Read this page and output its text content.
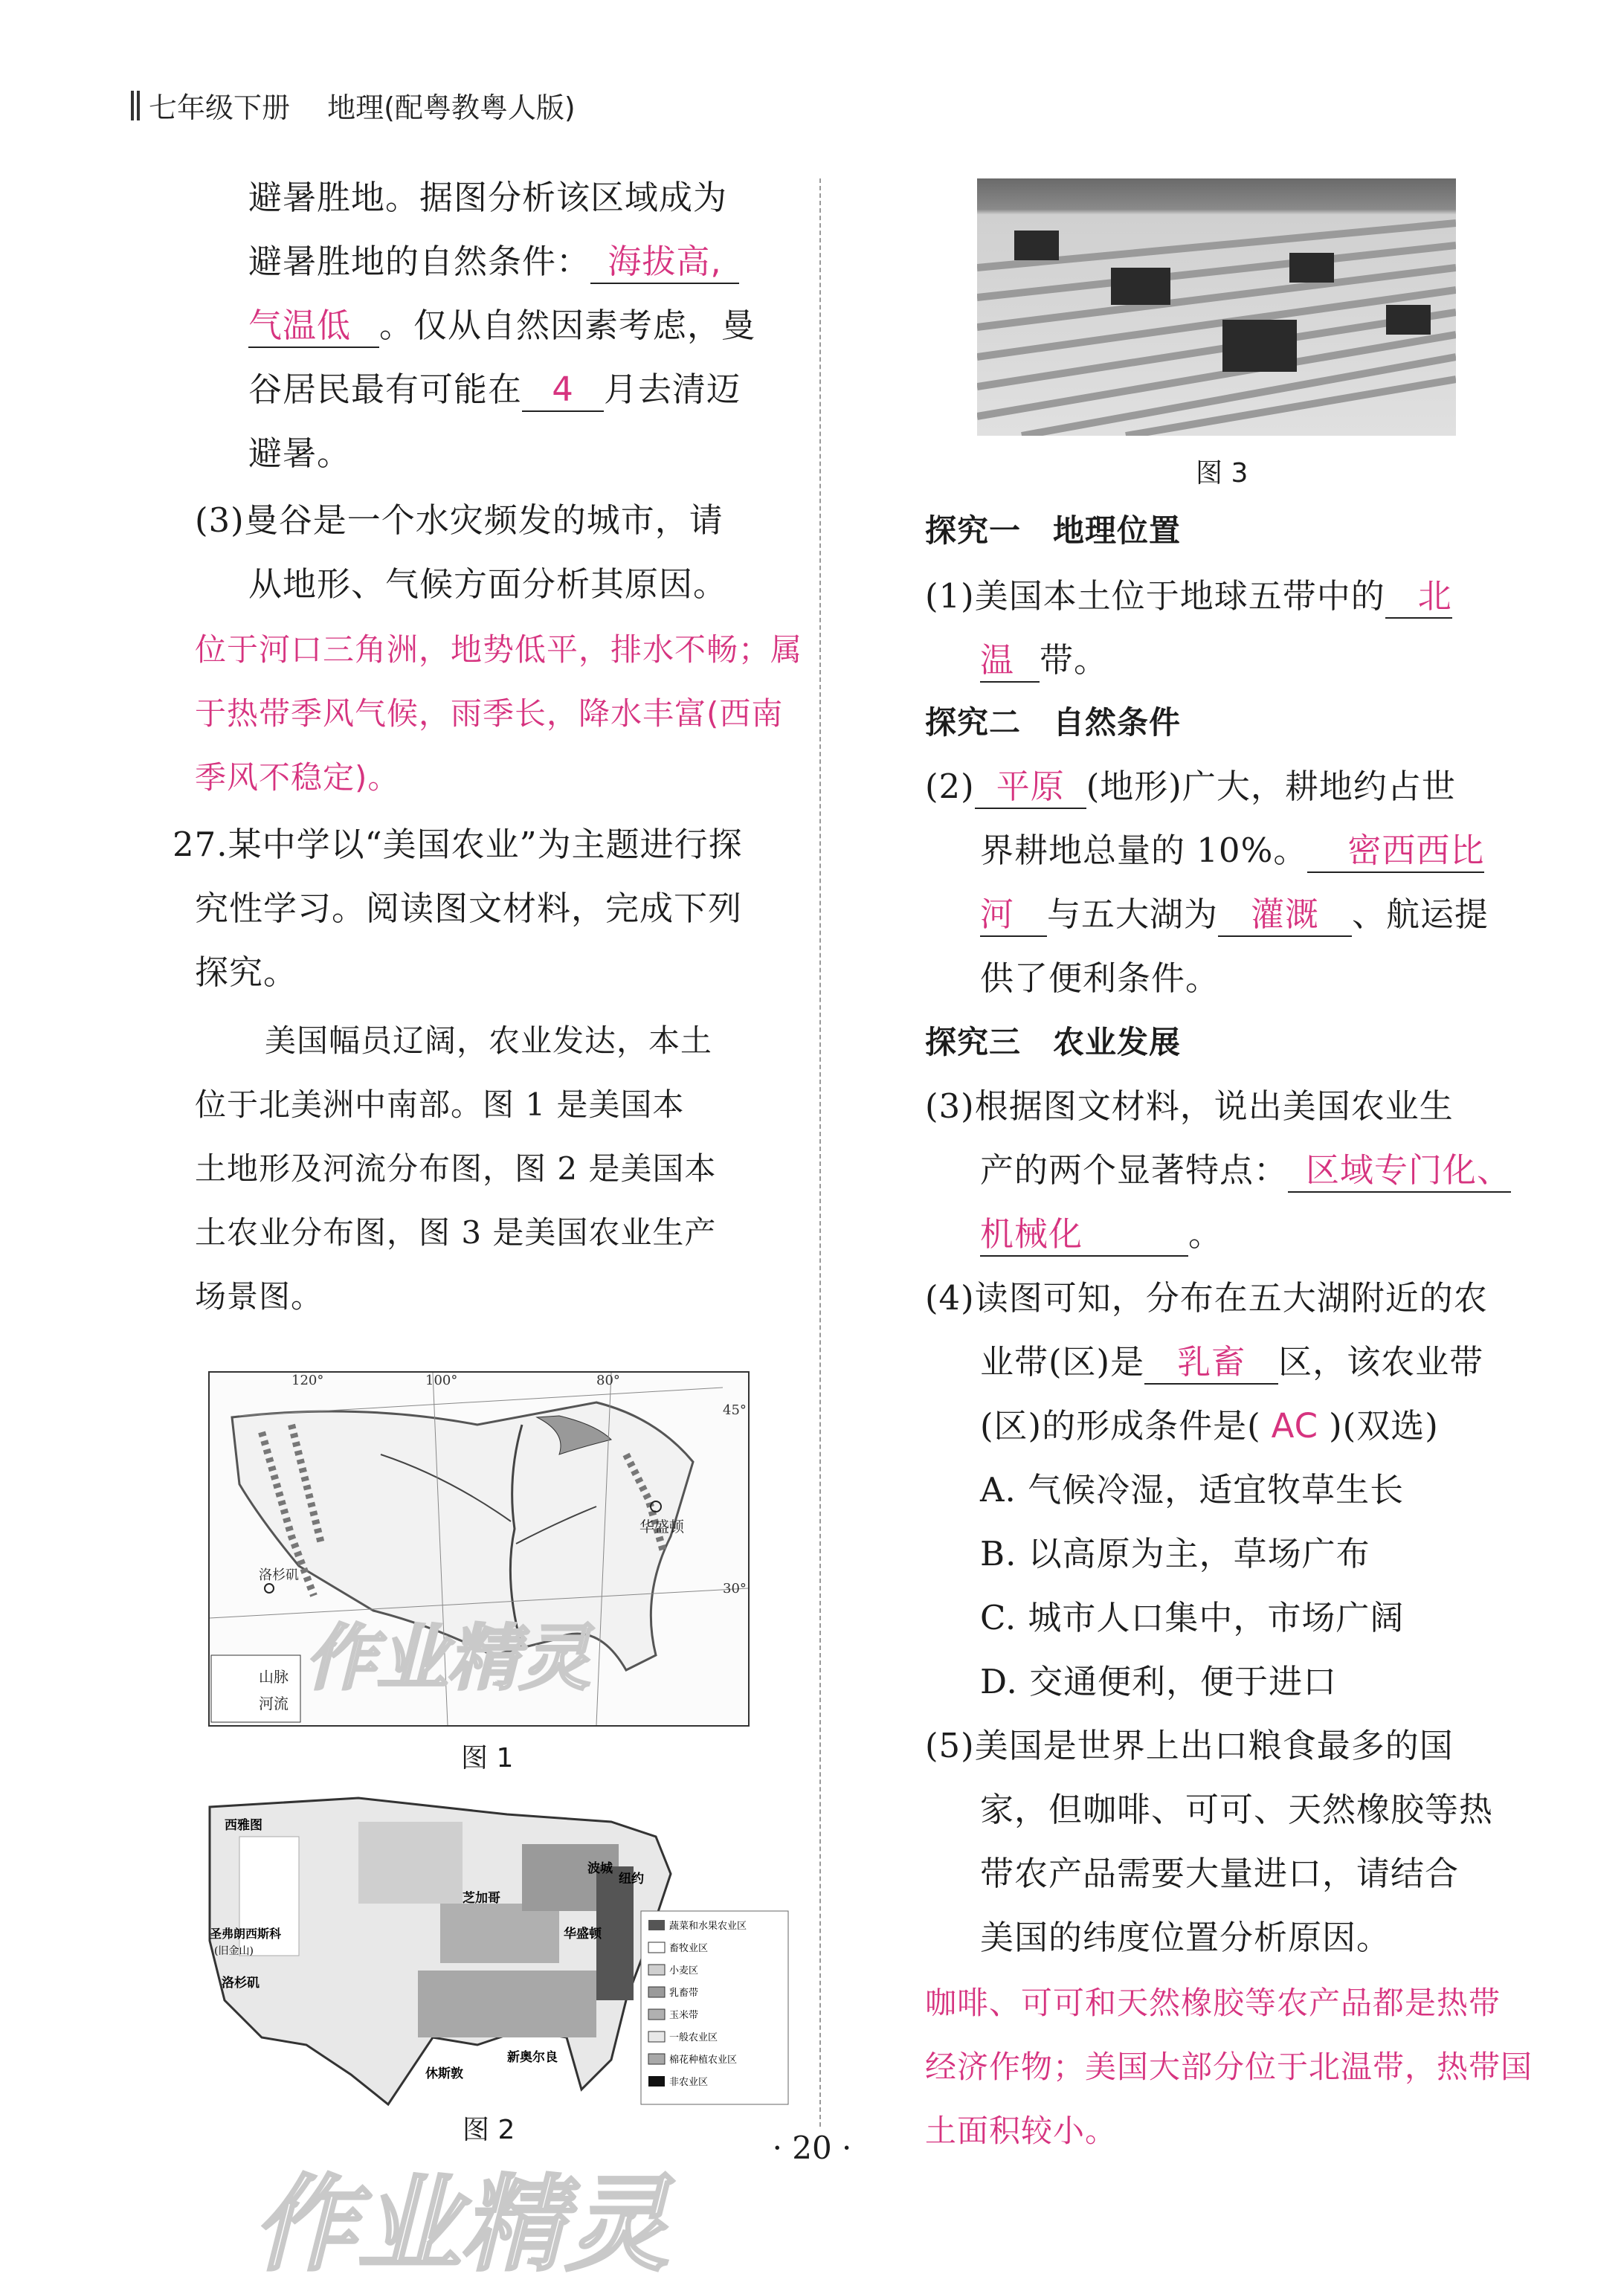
七年级下册　 地理(配粤教粤人版)
避暑胜地。据图分析该区域成为
避暑胜地的自然条件： 海拔高,
气温低 。仅从自然因素考虑，曼
谷居民最有可能在 4 月去清迈
避暑。
(3)曼谷是一个水灾频发的城市，请
从地形、气候方面分析其原因。
位于河口三角洲，地势低平，排水不畅；属
于热带季风气候，雨季长，降水丰富(西南
季风不稳定)。
27.某中学以“美国农业”为主题进行探
究性学习。阅读图文材料，完成下列
探究。
美国幅员辽阔，农业发达，本土
位于北美洲中南部。图 1 是美国本
土地形及河流分布图，图 2 是美国本
土农业分布图，图 3 是美国农业生产
场景图。
120°	100°	80°
45°
30°
华盛顿
洛杉矶
山脉
河流
图 1
蔬菜和水果农业区
畜牧业区
小麦区
乳畜带
玉米带
一般农业区
棉花种植农业区
非农业区
西雅图
芝加哥
波城
纽约
华盛顿
圣弗朗西斯科
(旧金山)
洛杉矶
休斯敦
新奥尔良
图 2
图 3
探究一　地理位置
(1)美国本土位于地球五带中的 北
温 带。
探究二　自然条件
(2) 平原 (地形)广大，耕地约占世
界耕地总量的 10%。 密西西比
河 与五大湖为 灌溉 、航运提
供了便利条件。
探究三　农业发展
(3)根据图文材料，说出美国农业生
产的两个显著特点： 区域专门化、
机械化	。
(4)读图可知，分布在五大湖附近的农
业带(区)是 乳畜 区，该农业带
(区)的形成条件是( AC )(双选)
A. 气候冷湿，适宜牧草生长
B. 以高原为主，草场广布
C. 城市人口集中，市场广阔
D. 交通便利，便于进口
(5)美国是世界上出口粮食最多的国
家，但咖啡、可可、天然橡胶等热
带农产品需要大量进口，请结合
美国的纬度位置分析原因。
咖啡、可可和天然橡胶等农产品都是热带
经济作物；美国大部分位于北温带，热带国
土面积较小。
作业精灵
作业精灵
· 20 ·
